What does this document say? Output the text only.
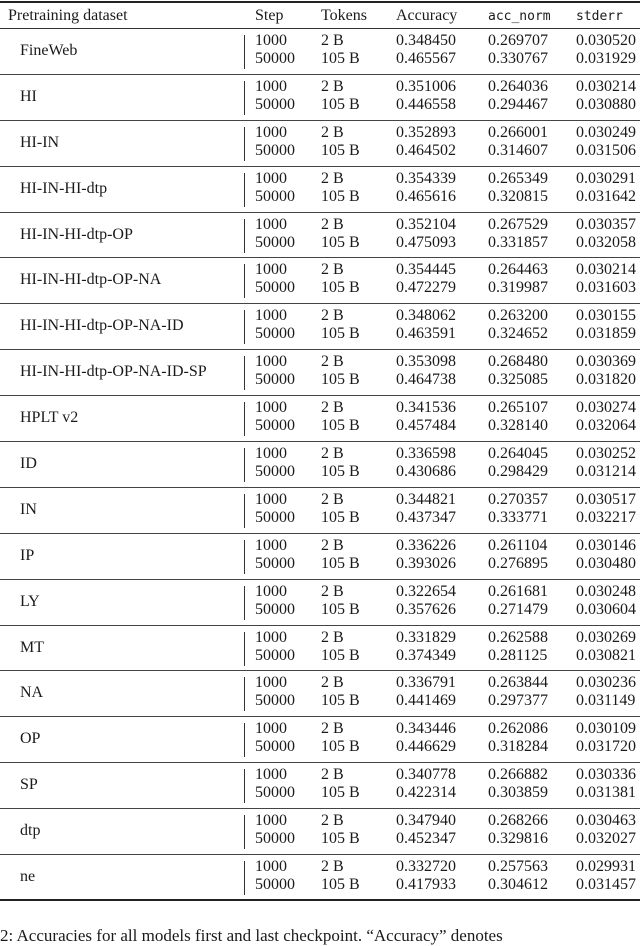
Pretraining dataset	Step Tokens Accuracy acc_norm stderr
FineWeb
1000 2 B	0.348450 0.269707 0.030520
50000 105 B 0.465567 0.330767 0.031929
HI
1000 2 B	0.351006 0.264036 0.030214
50000 105 B 0.446558 0.294467 0.030880
HI-IN
1000 2 B	0.352893 0.266001 0.030249
50000 105 B 0.464502 0.314607 0.031506
HI-IN-HI-dtp
1000 2 B	0.354339 0.265349 0.030291
50000 105 B 0.465616 0.320815 0.031642
HI-IN-HI-dtp-OP
1000 2 B	0.352104 0.267529 0.030357
50000 105 B 0.475093 0.331857 0.032058
HI-IN-HI-dtp-OP-NA
1000 2 B	0.354445 0.264463 0.030214
50000 105 B 0.472279 0.319987 0.031603
HI-IN-HI-dtp-OP-NA-ID
1000 2 B	0.348062 0.263200 0.030155
50000 105 B 0.463591 0.324652 0.031859
HI-IN-HI-dtp-OP-NA-ID-SP
1000 2 B	0.353098 0.268480 0.030369
50000 105 B 0.464738 0.325085 0.031820
HPLT v2
1000 2 B	0.341536 0.265107 0.030274
50000 105 B 0.457484 0.328140 0.032064
ID
1000 2 B	0.336598 0.264045 0.030252
50000 105 B 0.430686 0.298429 0.031214
IN
1000 2 B	0.344821 0.270357 0.030517
50000 105 B 0.437347 0.333771 0.032217
IP
1000 2 B	0.336226 0.261104 0.030146
50000 105 B 0.393026 0.276895 0.030480
LY
1000 2 B	0.322654 0.261681 0.030248
50000 105 B 0.357626 0.271479 0.030604
MT
1000 2 B	0.331829 0.262588 0.030269
50000 105 B 0.374349 0.281125 0.030821
NA
1000 2 B	0.336791 0.263844 0.030236
50000 105 B 0.441469 0.297377 0.031149
OP
1000 2 B	0.343446 0.262086 0.030109
50000 105 B 0.446629 0.318284 0.031720
SP
1000 2 B	0.340778 0.266882 0.030336
50000 105 B 0.422314 0.303859 0.031381
dtp
1000 2 B	0.347940 0.268266 0.030463
50000 105 B 0.452347 0.329816 0.032027
ne
1000 2 B	0.332720 0.257563 0.029931
50000 105 B 0.417933 0.304612 0.031457
2: Accuracies for all models first and last checkpoint. “Accuracy” denotes
